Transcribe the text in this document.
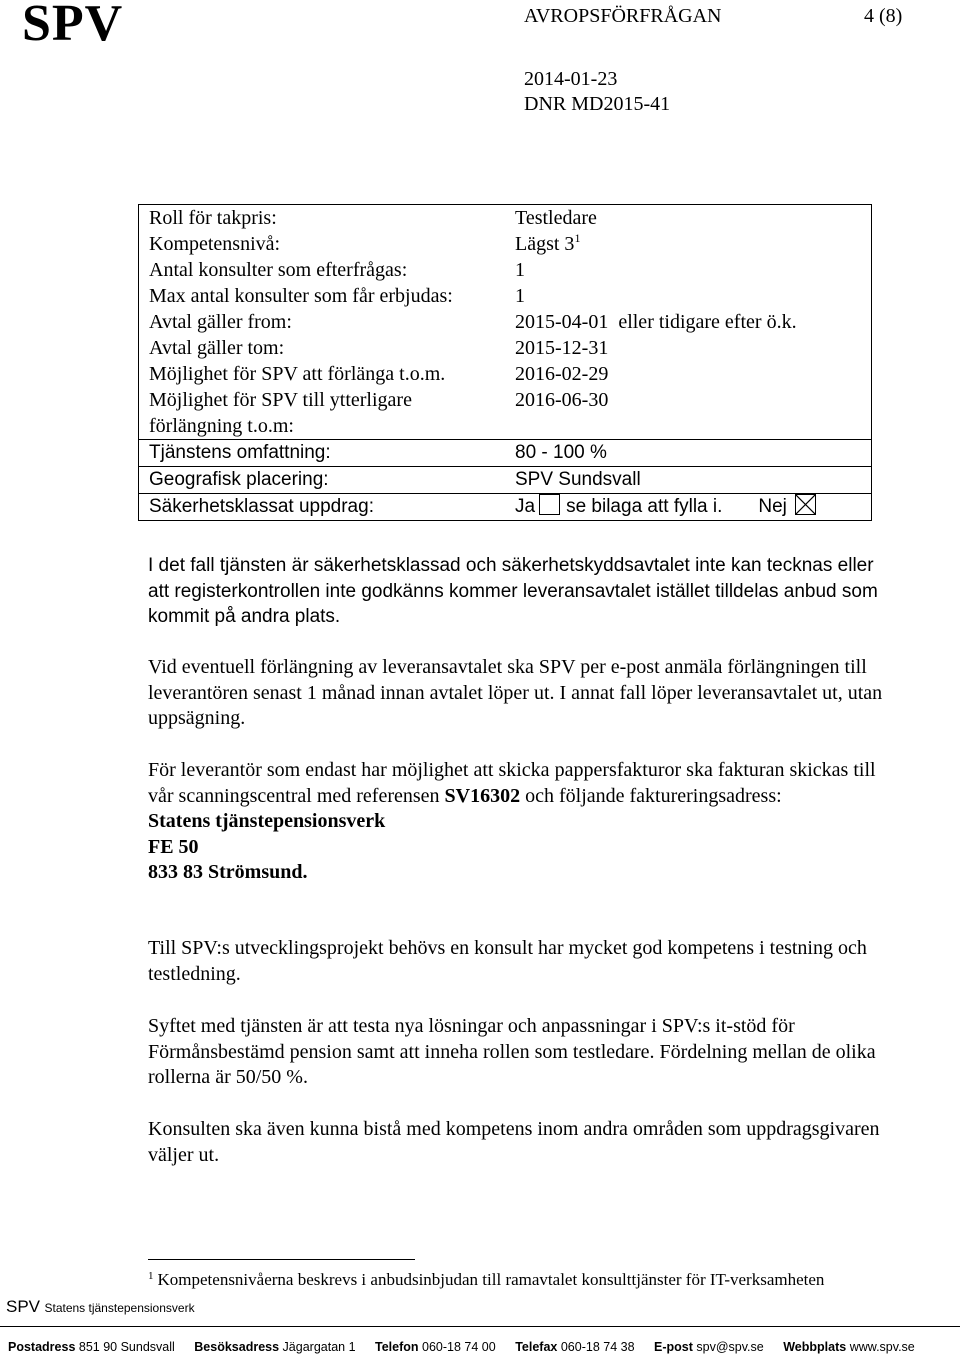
SPV	AVROPSFÖRFRÅGAN	4 (8)
2014-01-23
DNR MD2015-41
Roll för takpris:	Testledare
Kompetensnivå:	Lägst $3^1$
Antal konsulter som efterfrågas:	1
Max antal konsulter som får erbjudas:	1
Avtal gäller from:	2015-04-01  eller tidigare efter ö.k.
Avtal gäller tom:	2015-12-31
Möjlighet för SPV att förlänga t.o.m.	2016-02-29

Möjlighet för SPV till ytterligare
förlängning t.o.m:	2016-06-30
Tjänstens omfattning:	80 - 100 %
Geografisk placering:	SPV Sundsvall
Säkerhetsklassat uppdrag:	Ja se bilaga att fylla i. Nej
I det fall tjänsten är säkerhetsklassad och säkerhetskyddsavtalet inte kan tecknas eller att registerkontrollen inte godkänns kommer leveransavtalet istället tilldelas anbud som kommit på andra plats.
Vid eventuell förlängning av leveransavtalet ska SPV per e-post anmäla förlängningen till leverantören senast 1 månad innan avtalet löper ut. I annat fall löper leveransavtalet ut, utan uppsägning.
För leverantör som endast har möjlighet att skicka pappersfakturor ska fakturan skickas till vår scanningscentral med referensen SV16302 och följande faktureringsadress:
Statens tjänstepensionsverk
FE 50
833 83 Strömsund.
Till SPV:s utvecklingsprojekt behövs en konsult har mycket god kompetens i testning och testledning.
Syftet med tjänsten är att testa nya lösningar och anpassningar i SPV:s it-stöd för Förmånsbestämd pension samt att inneha rollen som testledare. Fördelning mellan de olika rollerna är 50/50 %.
Konsulten ska även kunna bistå med kompetens inom andra områden som uppdragsgivaren väljer ut.
$^1$ Kompetensnivåerna beskrevs i anbudsinbjudan till ramavtalet konsulttjänster för IT-verksamheten
SPV Statens tjänstepensionsverk
Postadress 851 90 Sundsvall Besöksadress Jägargatan 1 Telefon 060-18 74 00 Telefax 060-18 74 38 E-post spv@spv.se Webbplats www.spv.se
